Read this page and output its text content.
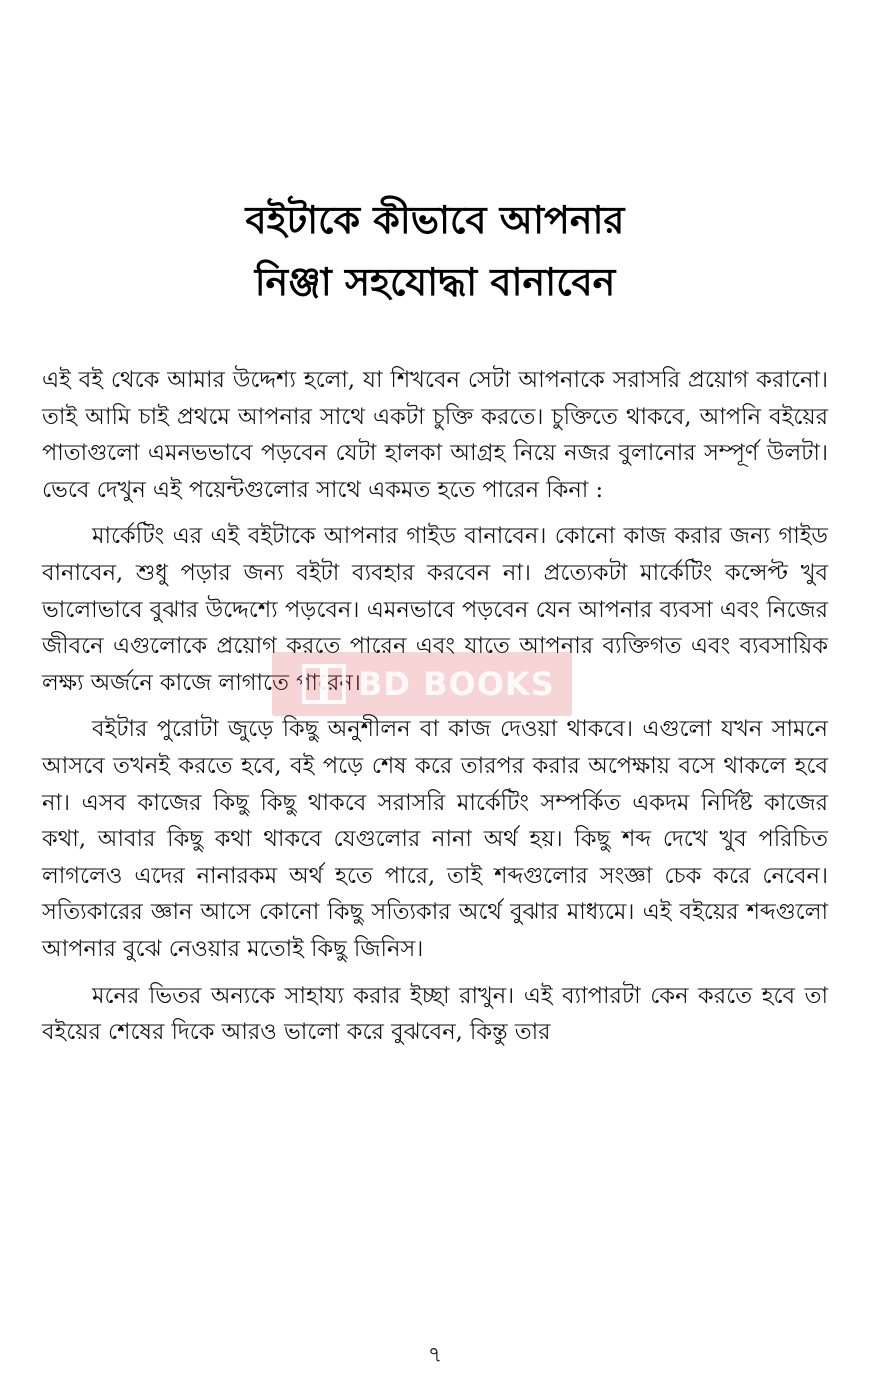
বইটাকে কীভাবে আপনার
নিঞ্জা সহযোদ্ধা বানাবেন

এই বই থেকে আমার উদ্দেশ্য হলো, যা শিখবেন সেটা আপনাকে সরাসরি প্রয়োগ করানো। তাই আমি চাই প্রথমে আপনার সাথে একটা চুক্তি করতে। চুক্তিতে থাকবে, আপনি বইয়ের পাতাগুলো এমনভভাবে পড়বেন যেটা হালকা আগ্রহ নিয়ে নজর বুলানোর সম্পূর্ণ উলটা। ভেবে দেখুন এই পয়েন্টগুলোর সাথে একমত হতে পারেন কিনা :

মার্কেটিং এর এই বইটাকে আপনার গাইড বানাবেন। কোনো কাজ করার জন্য গাইড বানাবেন, শুধু পড়ার জন্য বইটা ব্যবহার করবেন না। প্রত্যেকটা মার্কেটিং কন্সেপ্ট খুব ভালোভাবে বুঝার উদ্দেশ্যে পড়বেন। এমনভাবে পড়বেন যেন আপনার ব্যবসা এবং নিজের জীবনে এগুলোকে প্রয়োগ করতে পারেন এবং যাতে আপনার ব্যক্তিগত এবং ব্যবসায়িক লক্ষ্য অর্জনে কাজে লাগাতে পারেন।

বইটার পুরোটা জুড়ে কিছু অনুশীলন বা কাজ দেওয়া থাকবে। এগুলো যখন সামনে আসবে তখনই করতে হবে, বই পড়ে শেষ করে তারপর করার অপেক্ষায় বসে থাকলে হবে না। এসব কাজের কিছু কিছু থাকবে সরাসরি মার্কেটিং সম্পর্কিত একদম নির্দিষ্ট কাজের কথা, আবার কিছু কথা থাকবে যেগুলোর নানা অর্থ হয়। কিছু শব্দ দেখে খুব পরিচিত লাগলেও এদের নানারকম অর্থ হতে পারে, তাই শব্দগুলোর সংজ্ঞা চেক করে নেবেন। সত্যিকারের জ্ঞান আসে কোনো কিছু সত্যিকার অর্থে বুঝার মাধ্যমে। এই বইয়ের শব্দগুলো আপনার বুঝে নেওয়ার মতোই কিছু জিনিস।

মনের ভিতর অন্যকে সাহায্য করার ইচ্ছা রাখুন। এই ব্যাপারটা কেন করতে হবে তা বইয়ের শেষের দিকে আরও ভালো করে বুঝবেন, কিন্তু তার

BD BOOKS
৭
